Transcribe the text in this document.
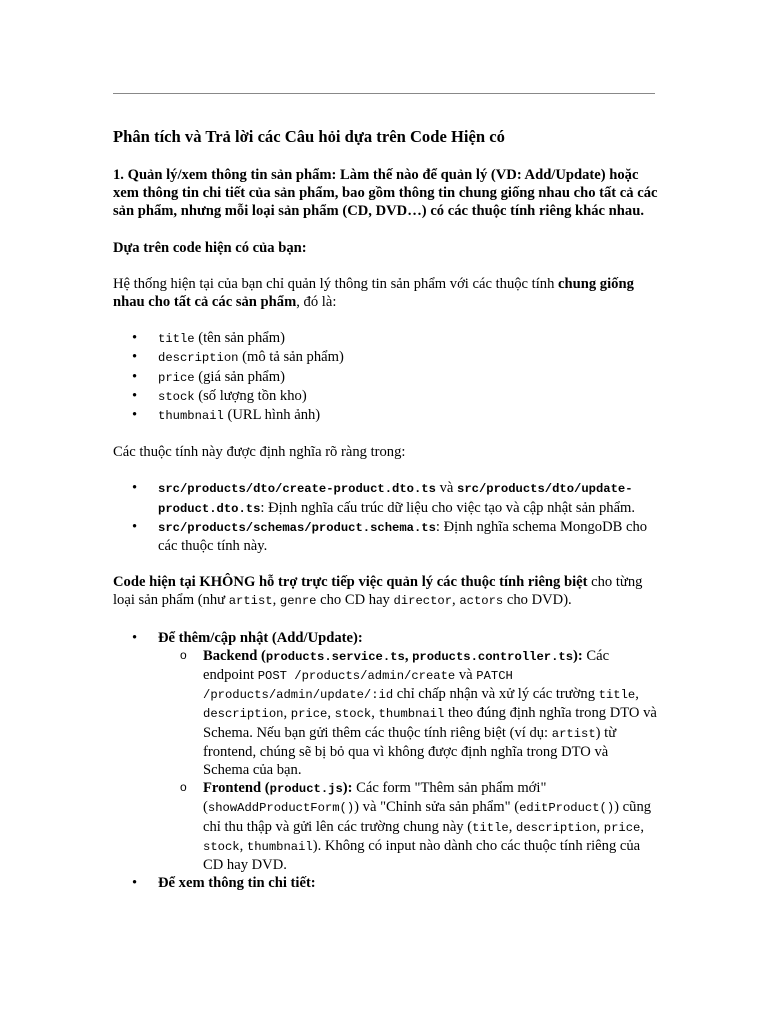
Phân tích và Trả lời các Câu hỏi dựa trên Code Hiện có

1. Quản lý/xem thông tin sản phẩm: Làm thế nào để quản lý (VD: Add/Update) hoặc xem thông tin chi tiết của sản phẩm, bao gồm thông tin chung giống nhau cho tất cả các sản phẩm, nhưng mỗi loại sản phẩm (CD, DVD…) có các thuộc tính riêng khác nhau.

Dựa trên code hiện có của bạn:

Hệ thống hiện tại của bạn chỉ quản lý thông tin sản phẩm với các thuộc tính chung giống nhau cho tất cả các sản phẩm, đó là:

• title (tên sản phẩm)
• description (mô tả sản phẩm)
• price (giá sản phẩm)
• stock (số lượng tồn kho)
• thumbnail (URL hình ảnh)

Các thuộc tính này được định nghĩa rõ ràng trong:

• src/products/dto/create-product.dto.ts và src/products/dto/update-product.dto.ts: Định nghĩa cấu trúc dữ liệu cho việc tạo và cập nhật sản phẩm.
• src/products/schemas/product.schema.ts: Định nghĩa schema MongoDB cho các thuộc tính này.

Code hiện tại KHÔNG hỗ trợ trực tiếp việc quản lý các thuộc tính riêng biệt cho từng loại sản phẩm (như artist, genre cho CD hay director, actors cho DVD).

• Để thêm/cập nhật (Add/Update):
o Backend (products.service.ts, products.controller.ts): Các endpoint POST /products/admin/create và PATCH /products/admin/update/:id chỉ chấp nhận và xử lý các trường title, description, price, stock, thumbnail theo đúng định nghĩa trong DTO và Schema. Nếu bạn gửi thêm các thuộc tính riêng biệt (ví dụ: artist) từ frontend, chúng sẽ bị bỏ qua vì không được định nghĩa trong DTO và Schema của bạn.
o Frontend (product.js): Các form "Thêm sản phẩm mới" (showAddProductForm()) và "Chỉnh sửa sản phẩm" (editProduct()) cũng chỉ thu thập và gửi lên các trường chung này (title, description, price, stock, thumbnail). Không có input nào dành cho các thuộc tính riêng của CD hay DVD.
• Để xem thông tin chi tiết:
